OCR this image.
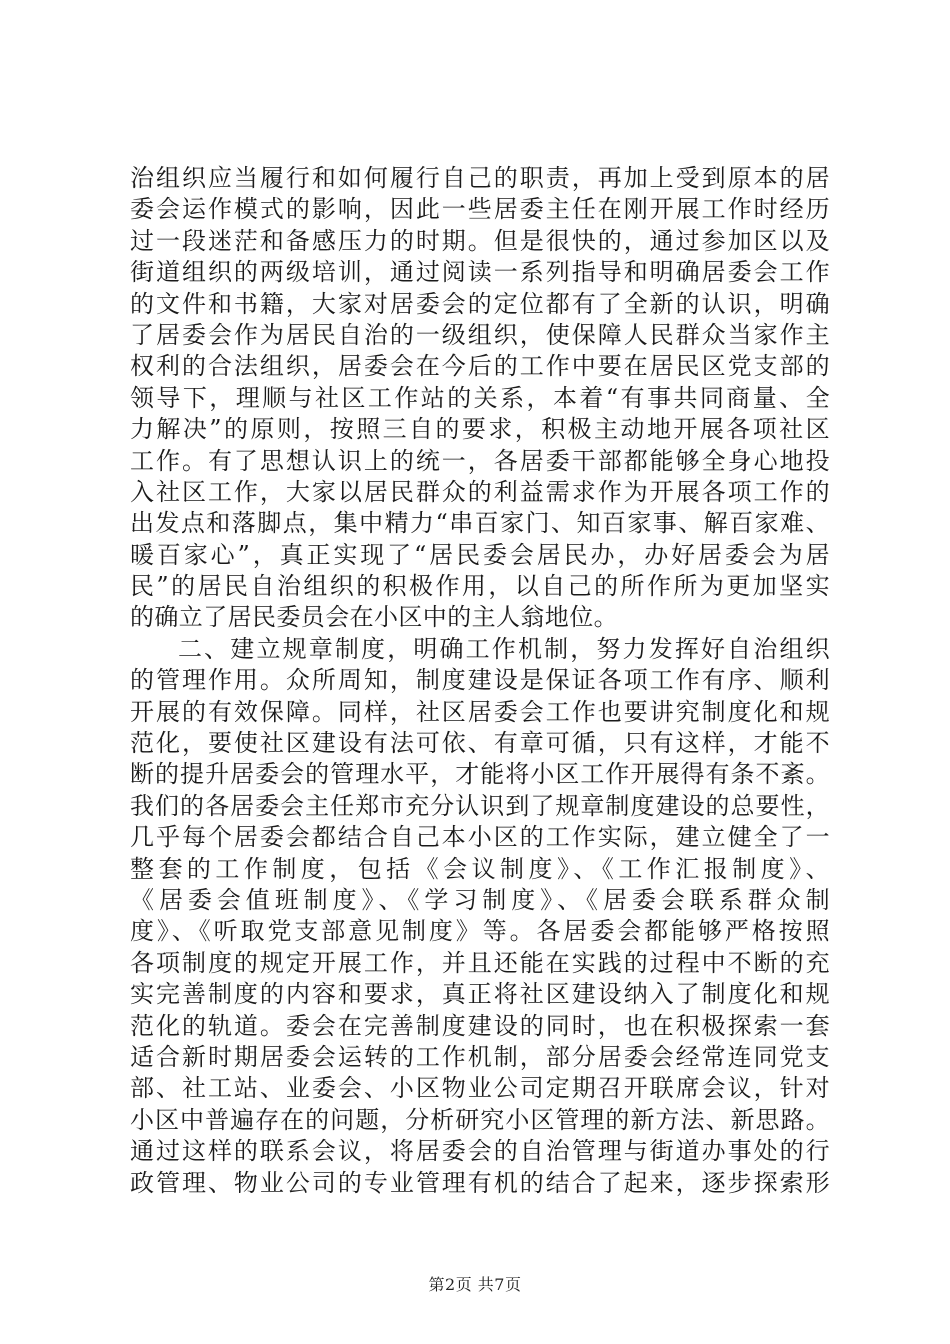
治组织应当履行和如何履行自己的职责，再加上受到原本的居
委会运作模式的影响，因此一些居委主任在刚开展工作时经历
过一段迷茫和备感压力的时期。但是很快的，通过参加区以及
街道组织的两级培训，通过阅读一系列指导和明确居委会工作
的文件和书籍，大家对居委会的定位都有了全新的认识，明确
了居委会作为居民自治的一级组织，使保障人民群众当家作主
权利的合法组织，居委会在今后的工作中要在居民区党支部的
领导下，理顺与社区工作站的关系，本着“有事共同商量、全
力解决”的原则，按照三自的要求，积极主动地开展各项社区
工作。有了思想认识上的统一，各居委干部都能够全身心地投
入社区工作，大家以居民群众的利益需求作为开展各项工作的
出发点和落脚点，集中精力“串百家门、知百家事、解百家难、
暖百家心”，真正实现了“居民委会居民办，办好居委会为居
民”的居民自治组织的积极作用，以自己的所作所为更加坚实
的确立了居民委员会在小区中的主人翁地位。
二、建立规章制度，明确工作机制，努力发挥好自治组织
的管理作用。众所周知，制度建设是保证各项工作有序、顺利
开展的有效保障。同样，社区居委会工作也要讲究制度化和规
范化，要使社区建设有法可依、有章可循，只有这样，才能不
断的提升居委会的管理水平，才能将小区工作开展得有条不紊。
我们的各居委会主任郑市充分认识到了规章制度建设的总要性，
几乎每个居委会都结合自己本小区的工作实际，建立健全了一
整套的工作制度，包括《会议制度》、《工作汇报制度》、
《居委会值班制度》、《学习制度》、《居委会联系群众制
度》、《听取党支部意见制度》等。各居委会都能够严格按照
各项制度的规定开展工作，并且还能在实践的过程中不断的充
实完善制度的内容和要求，真正将社区建设纳入了制度化和规
范化的轨道。委会在完善制度建设的同时，也在积极探索一套
适合新时期居委会运转的工作机制，部分居委会经常连同党支
部、社工站、业委会、小区物业公司定期召开联席会议，针对
小区中普遍存在的问题，分析研究小区管理的新方法、新思路。
通过这样的联系会议，将居委会的自治管理与街道办事处的行
政管理、物业公司的专业管理有机的结合了起来，逐步探索形
第2页 共7页
